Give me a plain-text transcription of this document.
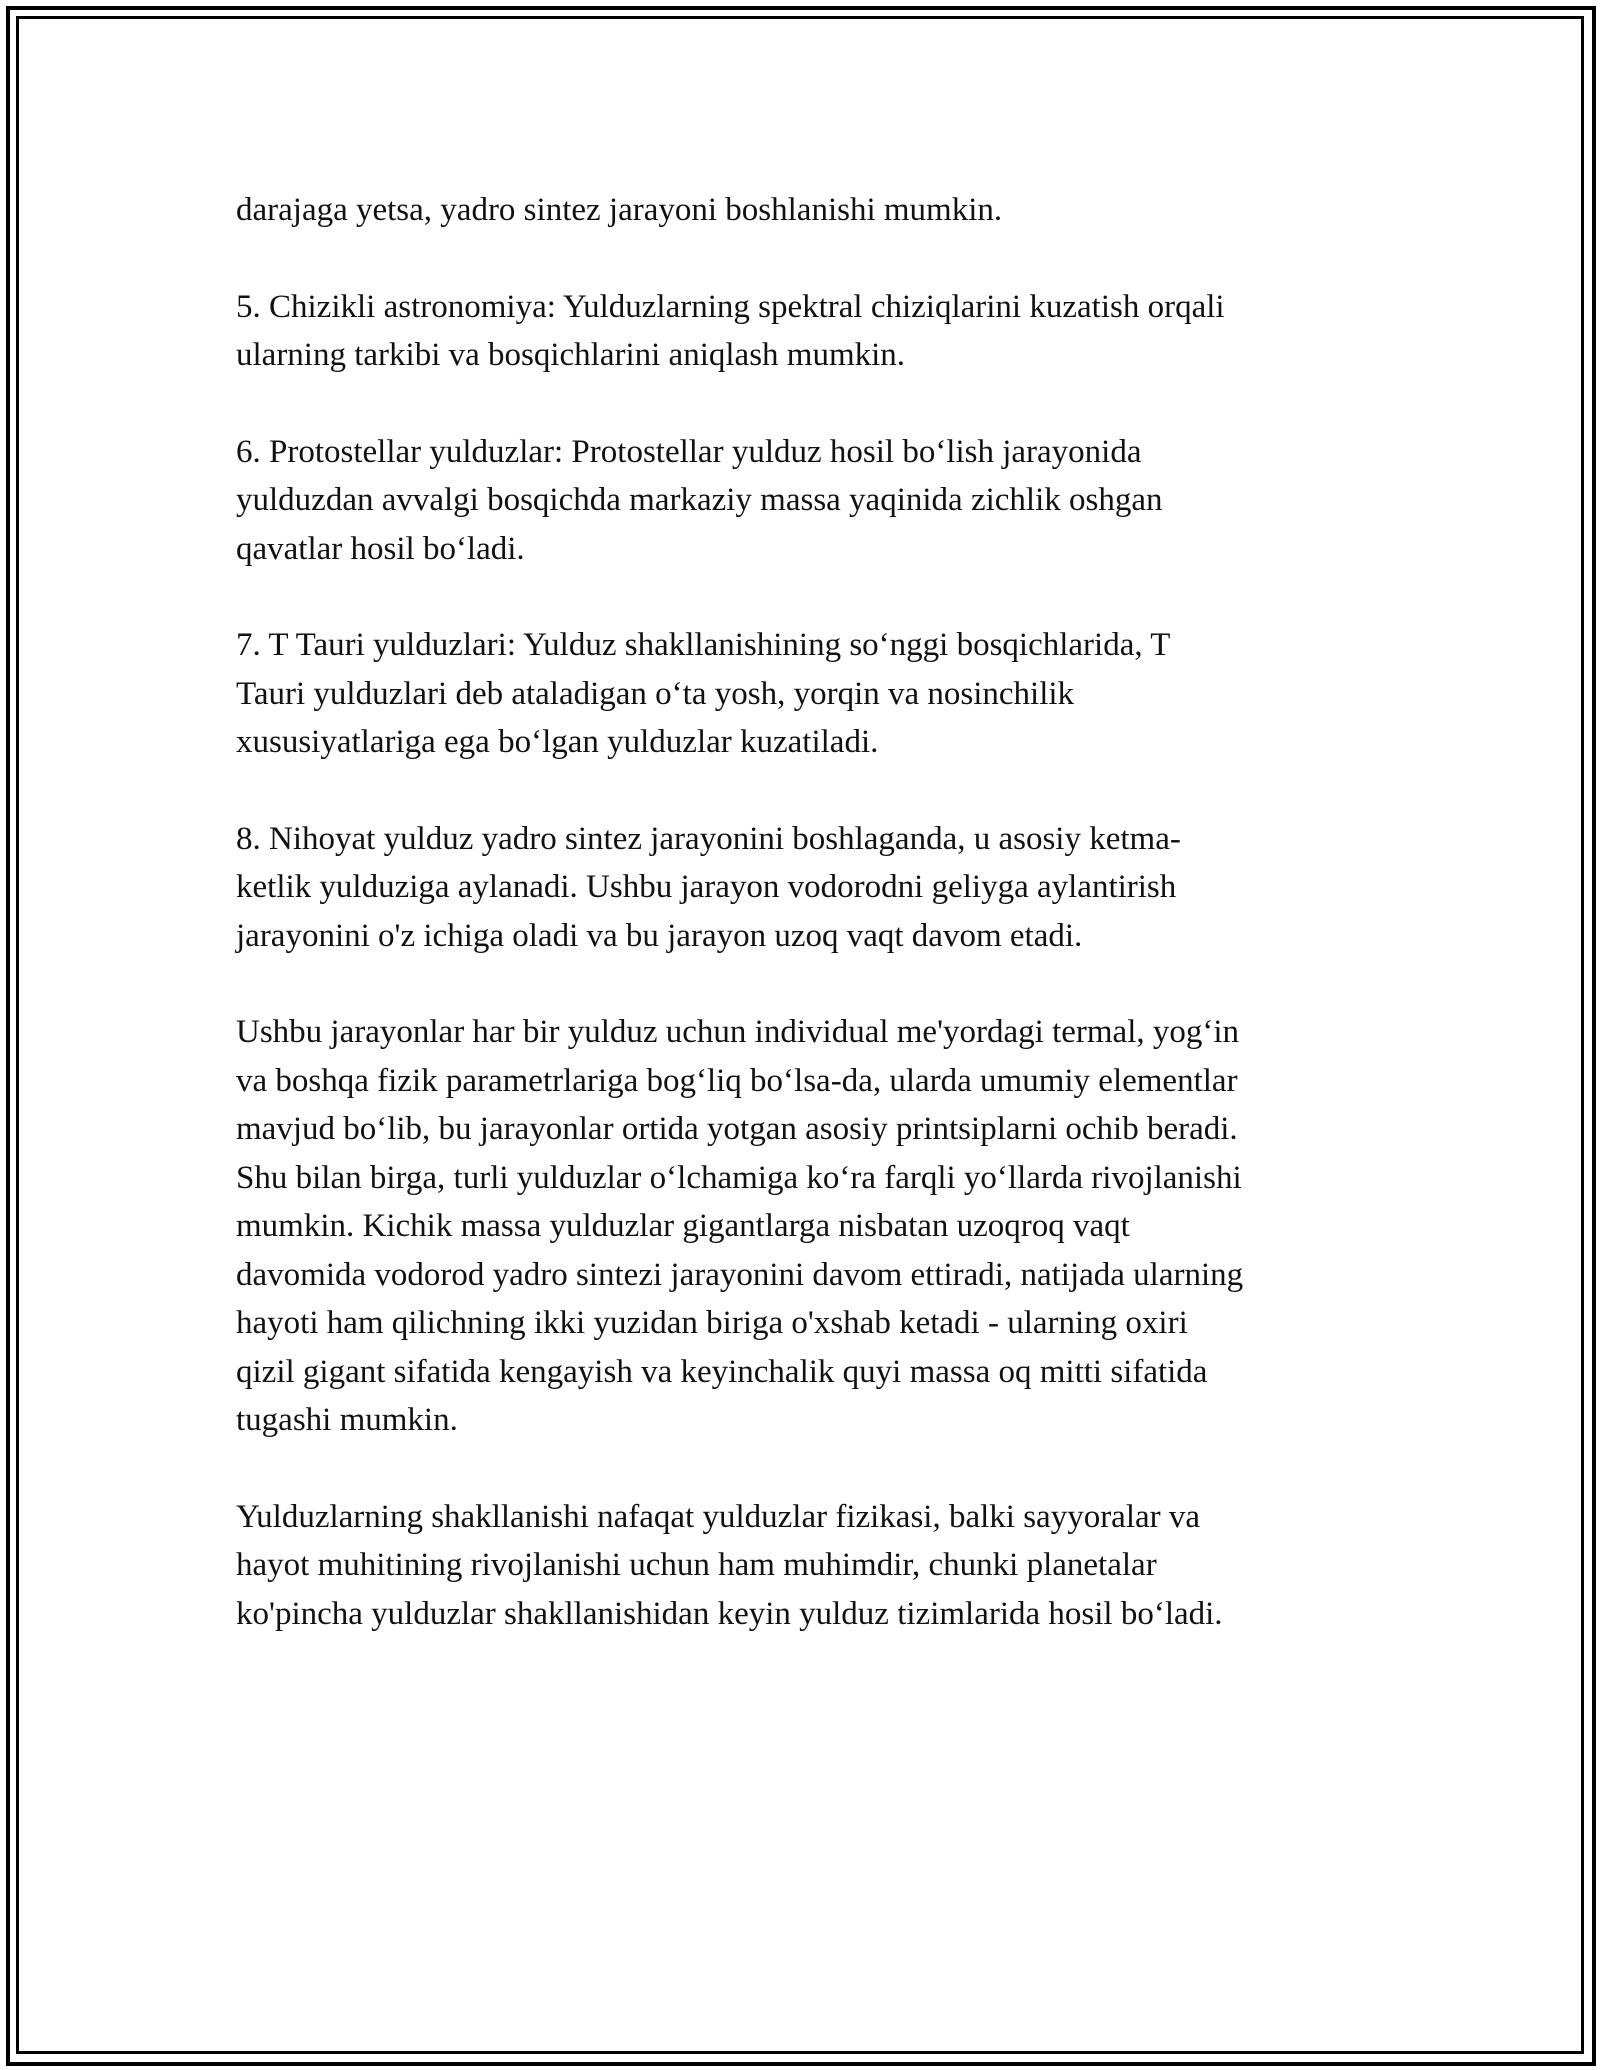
darajaga yetsa, yadro sintez jarayoni boshlanishi mumkin.

5. Chizikli astronomiya: Yulduzlarning spektral chiziqlarini kuzatish orqali
ularning tarkibi va bosqichlarini aniqlash mumkin.

6. Protostellar yulduzlar: Protostellar yulduz hosil bo‘lish jarayonida
yulduzdan avvalgi bosqichda markaziy massa yaqinida zichlik oshgan
qavatlar hosil bo‘ladi.

7. T Tauri yulduzlari: Yulduz shakllanishining so‘nggi bosqichlarida, T
Tauri yulduzlari deb ataladigan o‘ta yosh, yorqin va nosinchilik
xususiyatlariga ega bo‘lgan yulduzlar kuzatiladi.

8. Nihoyat yulduz yadro sintez jarayonini boshlaganda, u asosiy ketma-
ketlik yulduziga aylanadi. Ushbu jarayon vodorodni geliyga aylantirish
jarayonini o'z ichiga oladi va bu jarayon uzoq vaqt davom etadi.

Ushbu jarayonlar har bir yulduz uchun individual me'yordagi termal, yog‘in
va boshqa fizik parametrlariga bog‘liq bo‘lsa-da, ularda umumiy elementlar
mavjud bo‘lib, bu jarayonlar ortida yotgan asosiy printsiplarni ochib beradi.
Shu bilan birga, turli yulduzlar o‘lchamiga ko‘ra farqli yo‘llarda rivojlanishi
mumkin. Kichik massa yulduzlar gigantlarga nisbatan uzoqroq vaqt
davomida vodorod yadro sintezi jarayonini davom ettiradi, natijada ularning
hayoti ham qilichning ikki yuzidan biriga o'xshab ketadi - ularning oxiri
qizil gigant sifatida kengayish va keyinchalik quyi massa oq mitti sifatida
tugashi mumkin.

Yulduzlarning shakllanishi nafaqat yulduzlar fizikasi, balki sayyoralar va
hayot muhitining rivojlanishi uchun ham muhimdir, chunki planetalar
ko'pincha yulduzlar shakllanishidan keyin yulduz tizimlarida hosil bo‘ladi.
